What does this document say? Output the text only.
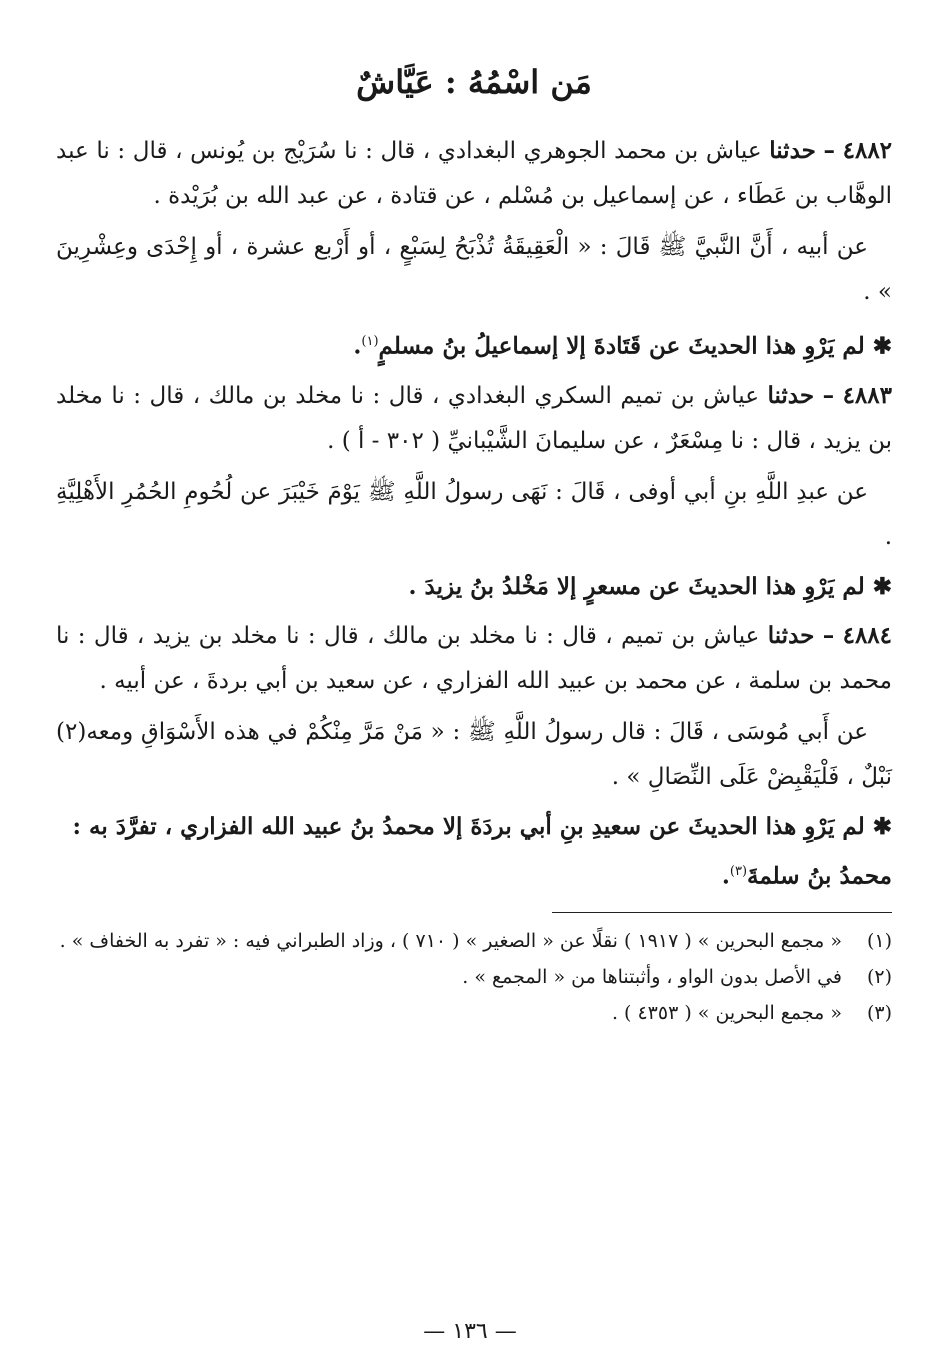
مَن اسْمُهُ : عَيَّاشٌ

٤٨٨٢ – حدثنا عياش بن محمد الجوهري البغدادي ، قال : نا سُرَيْج بن يُونس ، قال : نا عبد الوهَّاب بن عَطَاء ، عن إسماعيل بن مُسْلم ، عن قتادة ، عن عبد الله بن بُرَيْدة .

عن أبيه ، أَنَّ النَّبيَّ ﷺ قَالَ : « الْعَقِيقَةُ تُذْبَحُ لِسَبْعٍ ، أو أَرْبع عشرة ، أو إِحْدَى وعِشْرِينَ » .

✱ لم يَرْوِ هذا الحديثَ عن قَتَادةَ إلا إسماعيلُ بنُ مسلمٍ$^{(١)}$.

٤٨٨٣ – حدثنا عياش بن تميم السكري البغدادي ، قال : نا مخلد بن مالك ، قال : نا مخلد بن يزيد ، قال : نا مِسْعَرٌ ، عن سليمانَ الشَّيْبانيِّ ( ٣٠٢ - أ ) .

عن عبدِ اللَّهِ بنِ أبي أوفى ، قَالَ : نَهَى رسولُ اللَّهِ ﷺ يَوْمَ خَيْبَرَ عن لُحُومِ الحُمُرِ الأَهْلِيَّةِ .

✱ لم يَرْوِ هذا الحديثَ عن مسعرٍ إلا مَخْلدُ بنُ يزيدَ .

٤٨٨٤ – حدثنا عياش بن تميم ، قال : نا مخلد بن مالك ، قال : نا مخلد بن يزيد ، قال : نا محمد بن سلمة ، عن محمد بن عبيد الله الفزاري ، عن سعيد بن أبي بردةَ ، عن أبيه .

عن أَبي مُوسَى ، قَالَ : قال رسولُ اللَّهِ ﷺ : « مَنْ مَرَّ مِنْكُمْ في هذه الأَسْوَاقِ ومعه(٢) نَبْلٌ ، فَلْيَقْبِضْ عَلَى النِّصَالِ » .

✱ لم يَرْوِ هذا الحديثَ عن سعيدِ بنِ أبي بردَةَ إلا محمدُ بنُ عبيد الله الفزاري ، تفرَّدَ به : محمدُ بنُ سلمةَ$^{(٣)}$.

(١)
« مجمع البحرين » ( ١٩١٧ ) نقلًا عن « الصغير » ( ٧١٠ ) ، وزاد الطبراني فيه : « تفرد به الخفاف » .

(٢)
في الأصل بدون الواو ، وأثبتناها من « المجمع » .

(٣)
« مجمع البحرين » ( ٤٣٥٣ ) .

— ١٣٦ —
